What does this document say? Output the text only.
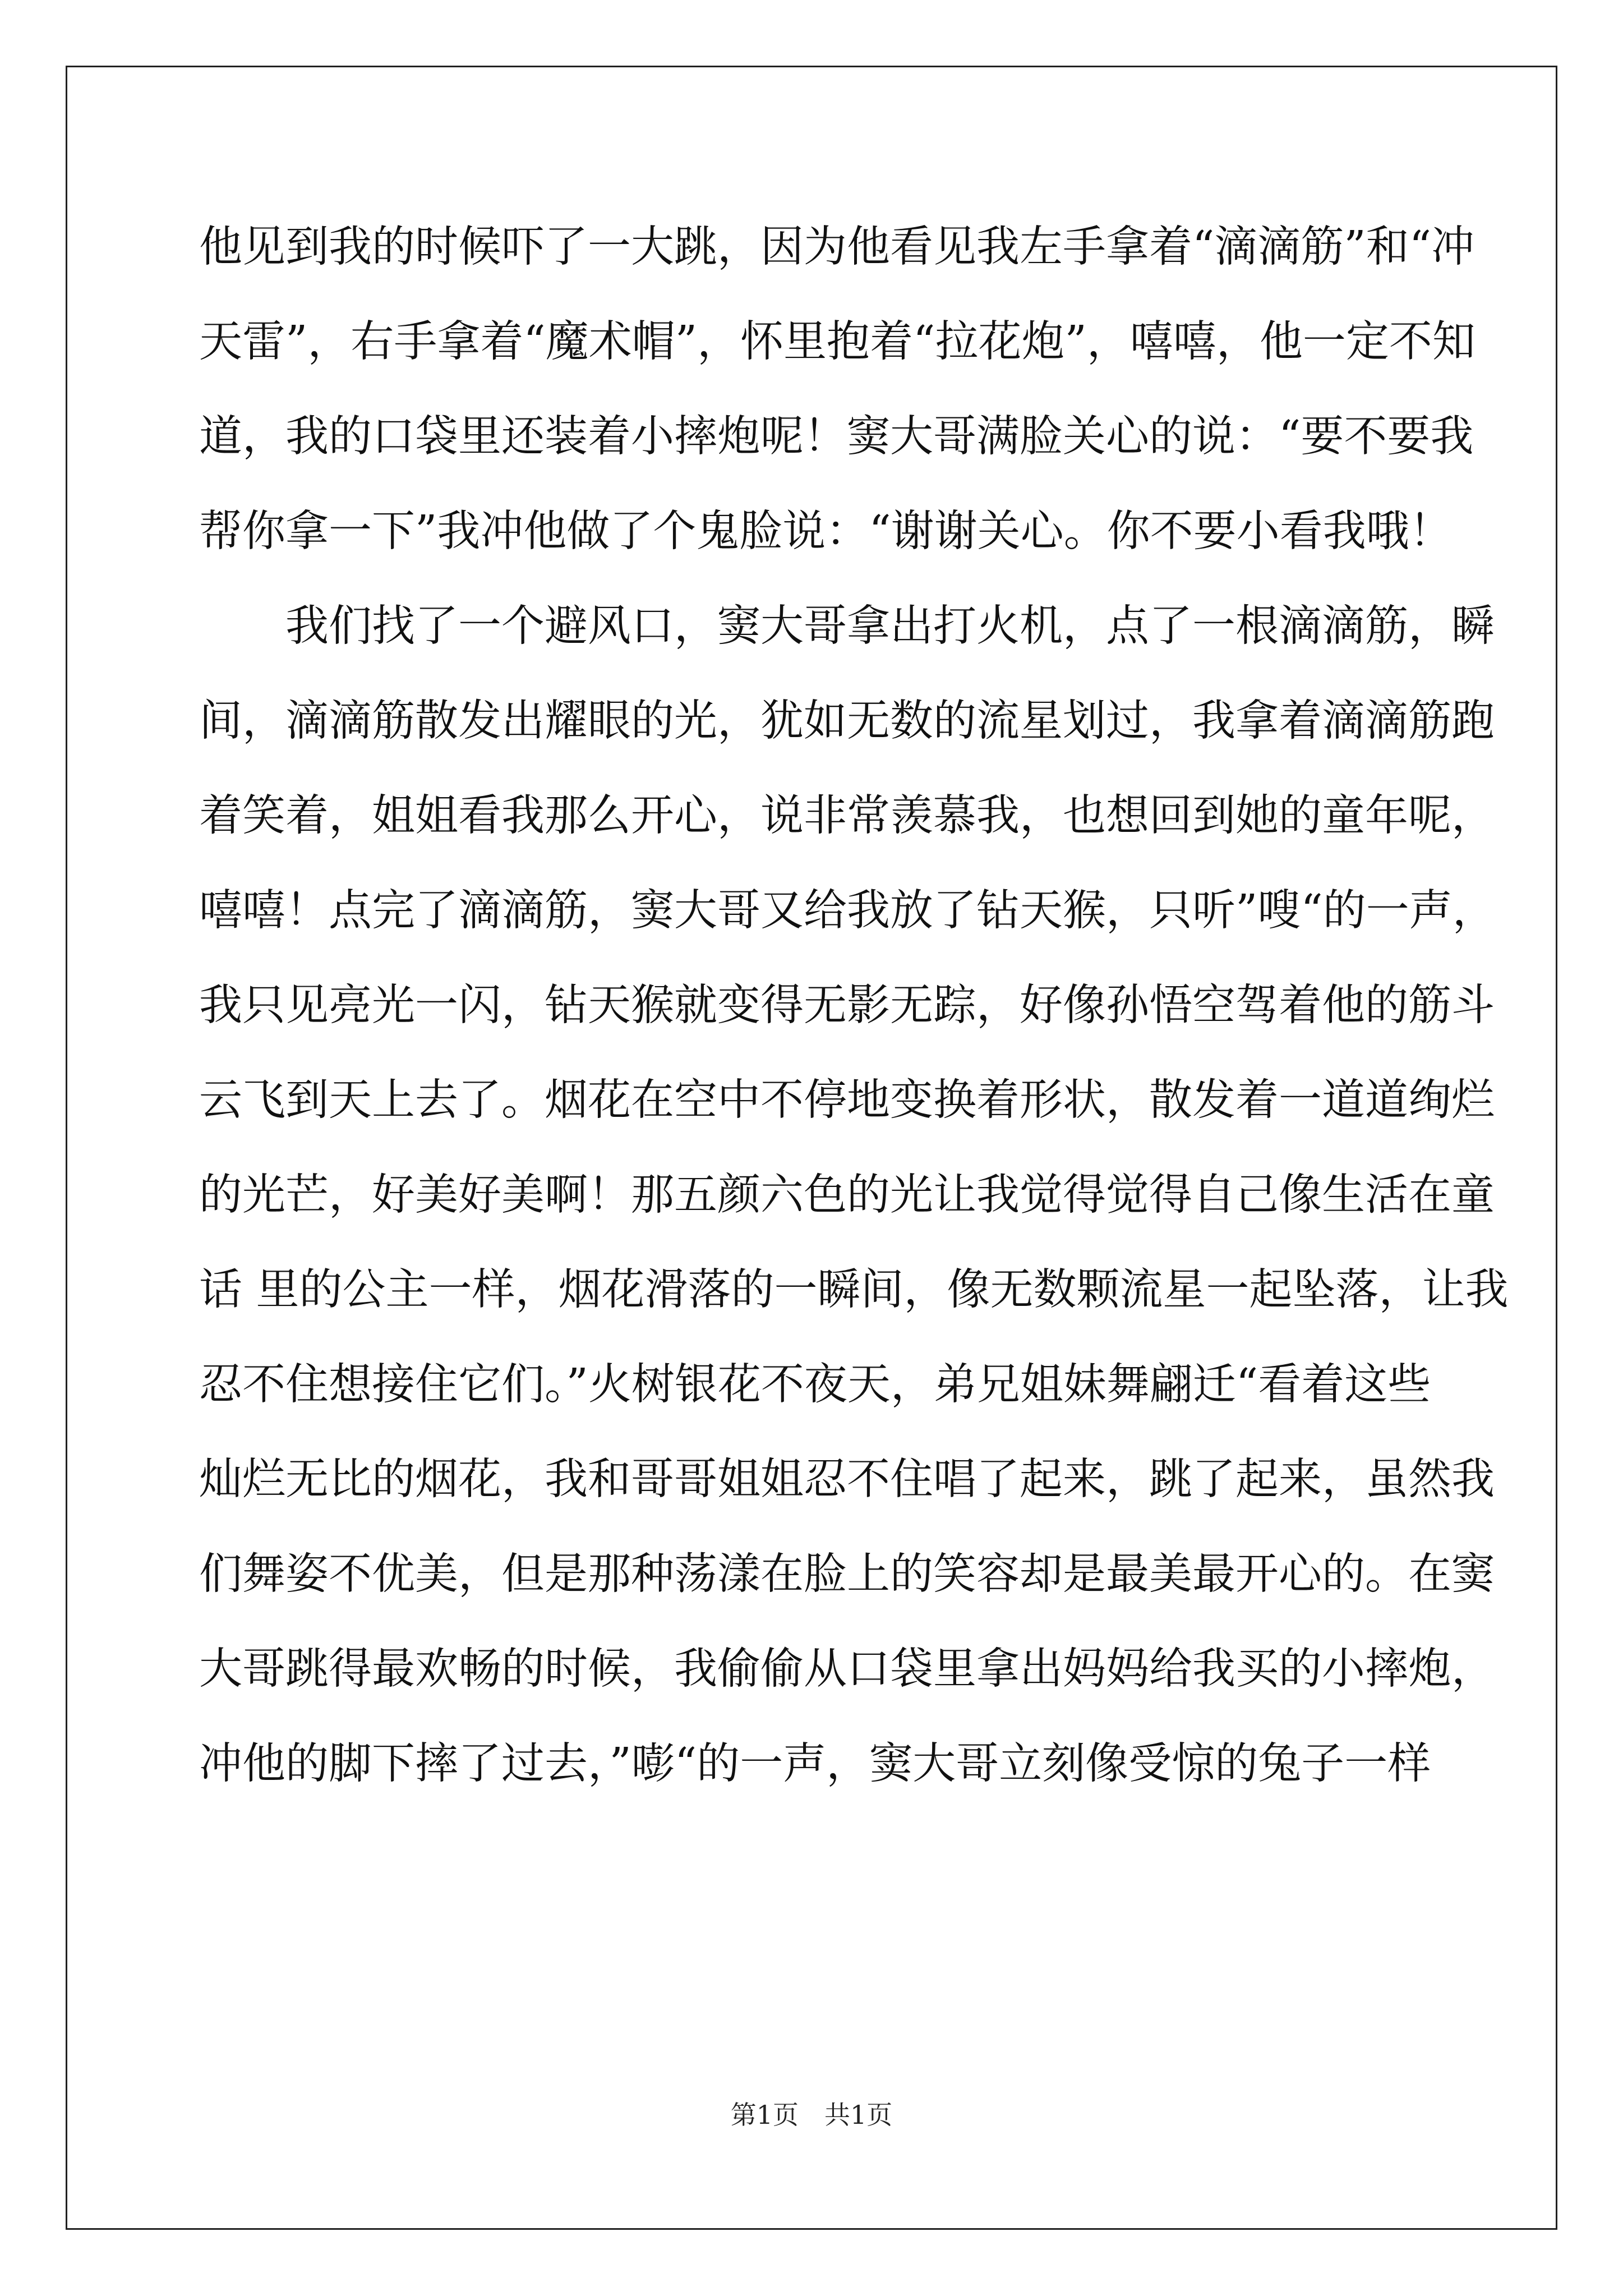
他见到我的时候吓了一大跳，因为他看见我左手拿着“滴滴筋”和“冲
天雷”，右手拿着“魔术帽”，怀里抱着“拉花炮”，嘻嘻，他一定不知
道，我的口袋里还装着小摔炮呢！窦大哥满脸关心的说：“要不要我
帮你拿一下”我冲他做了个鬼脸说：“谢谢关心。你不要小看我哦！
　　我们找了一个避风口，窦大哥拿出打火机，点了一根滴滴筋，瞬
间，滴滴筋散发出耀眼的光，犹如无数的流星划过，我拿着滴滴筋跑
着笑着，姐姐看我那么开心，说非常羡慕我，也想回到她的童年呢，
嘻嘻！点完了滴滴筋，窦大哥又给我放了钻天猴，只听”嗖“的一声，
我只见亮光一闪，钻天猴就变得无影无踪，好像孙悟空驾着他的筋斗
云飞到天上去了。烟花在空中不停地变换着形状，散发着一道道绚烂
的光芒，好美好美啊！那五颜六色的光让我觉得觉得自己像生活在童
话 里的公主一样，烟花滑落的一瞬间，像无数颗流星一起坠落，让我
忍不住想接住它们。”火树银花不夜天，弟兄姐妹舞翩迁“看着这些
灿烂无比的烟花，我和哥哥姐姐忍不住唱了起来，跳了起来，虽然我
们舞姿不优美，但是那种荡漾在脸上的笑容却是最美最开心的。在窦
大哥跳得最欢畅的时候，我偷偷从口袋里拿出妈妈给我买的小摔炮，
冲他的脚下摔了过去，”嘭“的一声，窦大哥立刻像受惊的兔子一样
第1页 共1页
